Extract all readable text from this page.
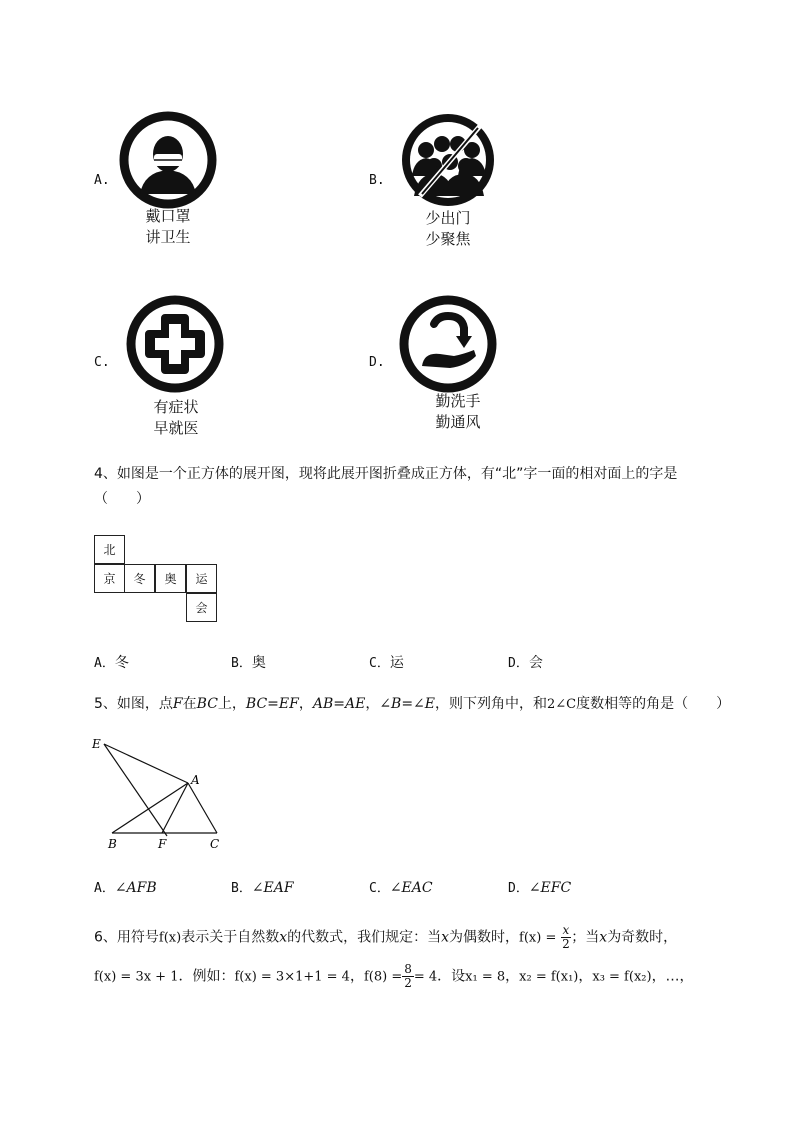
A.
戴口罩
讲卫生
B.
少出门
少聚焦
C.
有症状
早就医
D.
勤洗手
勤通风
4、如图是一个正方体的展开图，现将此展开图折叠成正方体，有“北”字一面的相对面上的字是
（　　）
北
京	冬	奥	运
会
A．冬	B．奥	C．运	D．会
5、如图，点F在BC上，BC=EF，AB=AE，∠B=∠E，则下列角中，和2∠C度数相等的角是（　　）
E
A
B	F	C
A．∠AFB	B．∠EAF	C．∠EAC	D．∠EFC
6、用符号f(x)表示关于自然数x的代数式，我们规定：当x为偶数时，$f(x) = \frac{x}{2}$ ；当x为奇数时，
f(x) = 3x + 1．例如：f(x) = 3×1+1 = 4，$f(8) = \frac{8}{2} = 4$．设x₁ = 8，x₂ = f(x₁)，x₃ = f(x₂)，…，
